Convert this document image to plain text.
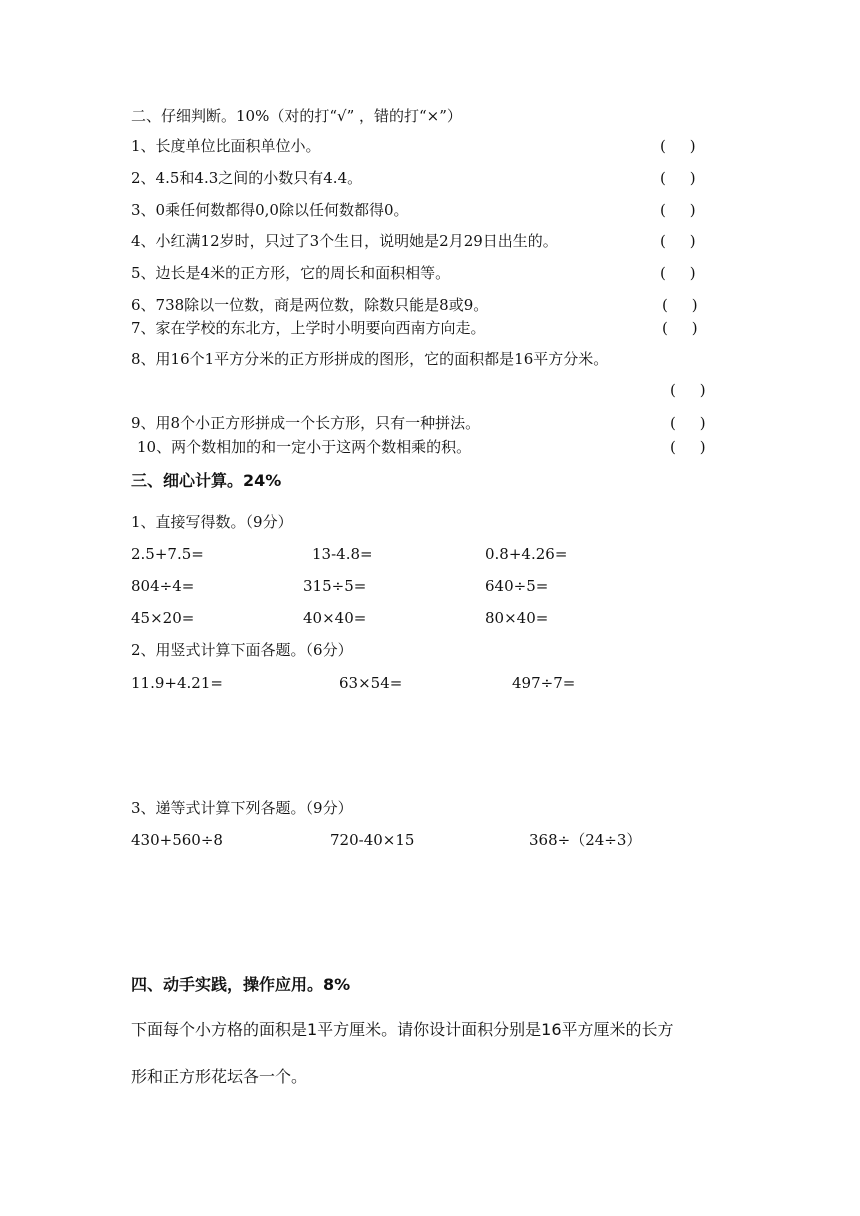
二、仔细判断。10%（对的打“√” ，错的打“×”）
1、长度单位比面积单位小。	(     )
2、4.5和4.3之间的小数只有4.4。	(     )
3、0乘任何数都得0,0除以任何数都得0。	(     )
4、小红满12岁时，只过了3个生日，说明她是2月29日出生的。	(     )
5、边长是4米的正方形，它的周长和面积相等。	(     )
6、738除以一位数，商是两位数，除数只能是8或9。	(     )
7、家在学校的东北方，上学时小明要向西南方向走。	(     )
8、用16个1平方分米的正方形拼成的图形，它的面积都是16平方分米。
(     )
9、用8个小正方形拼成一个长方形，只有一种拼法。	(     )
10、两个数相加的和一定小于这两个数相乘的积。	(     )
三、细心计算。24%
1、直接写得数。（9分）
2.5+7.5=	13-4.8=	0.8+4.26=
804÷4=	315÷5=	640÷5=
45×20=	40×40=	80×40=
2、用竖式计算下面各题。（6分）
11.9+4.21=	63×54=	497÷7=
3、递等式计算下列各题。（9分）
430+560÷8	720-40×15	368÷（24÷3）
四、动手实践，操作应用。8%
下面每个小方格的面积是1平方厘米。请你设计面积分别是16平方厘米的长方
形和正方形花坛各一个。
